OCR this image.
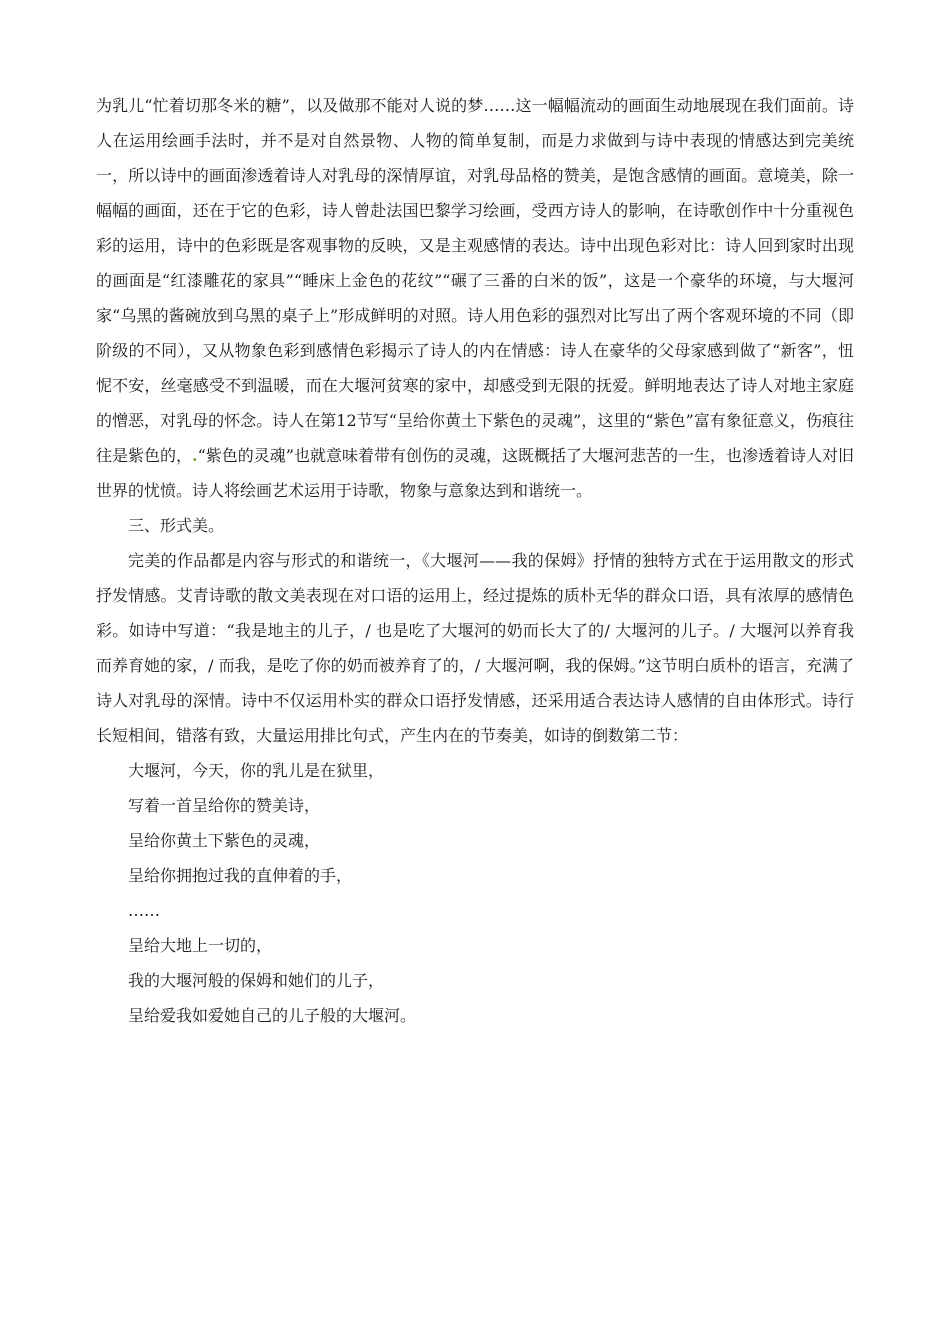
为乳儿“忙着切那冬米的糖”，以及做那不能对人说的梦……这一幅幅流动的画面生动地展现在我们面前。诗人在运用绘画手法时，并不是对自然景物、人物的简单复制，而是力求做到与诗中表现的情感达到完美统一，所以诗中的画面渗透着诗人对乳母的深情厚谊，对乳母品格的赞美，是饱含感情的画面。意境美，除一幅幅的画面，还在于它的色彩，诗人曾赴法国巴黎学习绘画，受西方诗人的影响，在诗歌创作中十分重视色彩的运用，诗中的色彩既是客观事物的反映，又是主观感情的表达。诗中出现色彩对比：诗人回到家时出现的画面是“红漆雕花的家具”“睡床上金色的花纹”“碾了三番的白米的饭”，这是一个豪华的环境，与大堰河家“乌黑的酱碗放到乌黑的桌子上”形成鲜明的对照。诗人用色彩的强烈对比写出了两个客观环境的不同（即阶级的不同），又从物象色彩到感情色彩揭示了诗人的内在情感：诗人在豪华的父母家感到做了“新客”，忸怩不安，丝毫感受不到温暖，而在大堰河贫寒的家中，却感受到无限的抚爱。鲜明地表达了诗人对地主家庭的憎恶，对乳母的怀念。诗人在第12节写“呈给你黄土下紫色的灵魂”，这里的“紫色”富有象征意义，伤痕往往是紫色的，.“紫色的灵魂”也就意味着带有创伤的灵魂，这既概括了大堰河悲苦的一生，也渗透着诗人对旧世界的忧愤。诗人将绘画艺术运用于诗歌，物象与意象达到和谐统一。

三、形式美。

完美的作品都是内容与形式的和谐统一，《大堰河——我的保姆》抒情的独特方式在于运用散文的形式抒发情感。艾青诗歌的散文美表现在对口语的运用上，经过提炼的质朴无华的群众口语，具有浓厚的感情色彩。如诗中写道：“我是地主的儿子，/ 也是吃了大堰河的奶而长大了的/ 大堰河的儿子。/ 大堰河以养育我而养育她的家，/ 而我，是吃了你的奶而被养育了的，/ 大堰河啊，我的保姆。”这节明白质朴的语言，充满了诗人对乳母的深情。诗中不仅运用朴实的群众口语抒发情感，还采用适合表达诗人感情的自由体形式。诗行长短相间，错落有致，大量运用排比句式，产生内在的节奏美，如诗的倒数第二节：

大堰河，今天，你的乳儿是在狱里，

写着一首呈给你的赞美诗，

呈给你黄土下紫色的灵魂，

呈给你拥抱过我的直伸着的手，

……

呈给大地上一切的，

我的大堰河般的保姆和她们的儿子，

呈给爱我如爱她自己的儿子般的大堰河。
